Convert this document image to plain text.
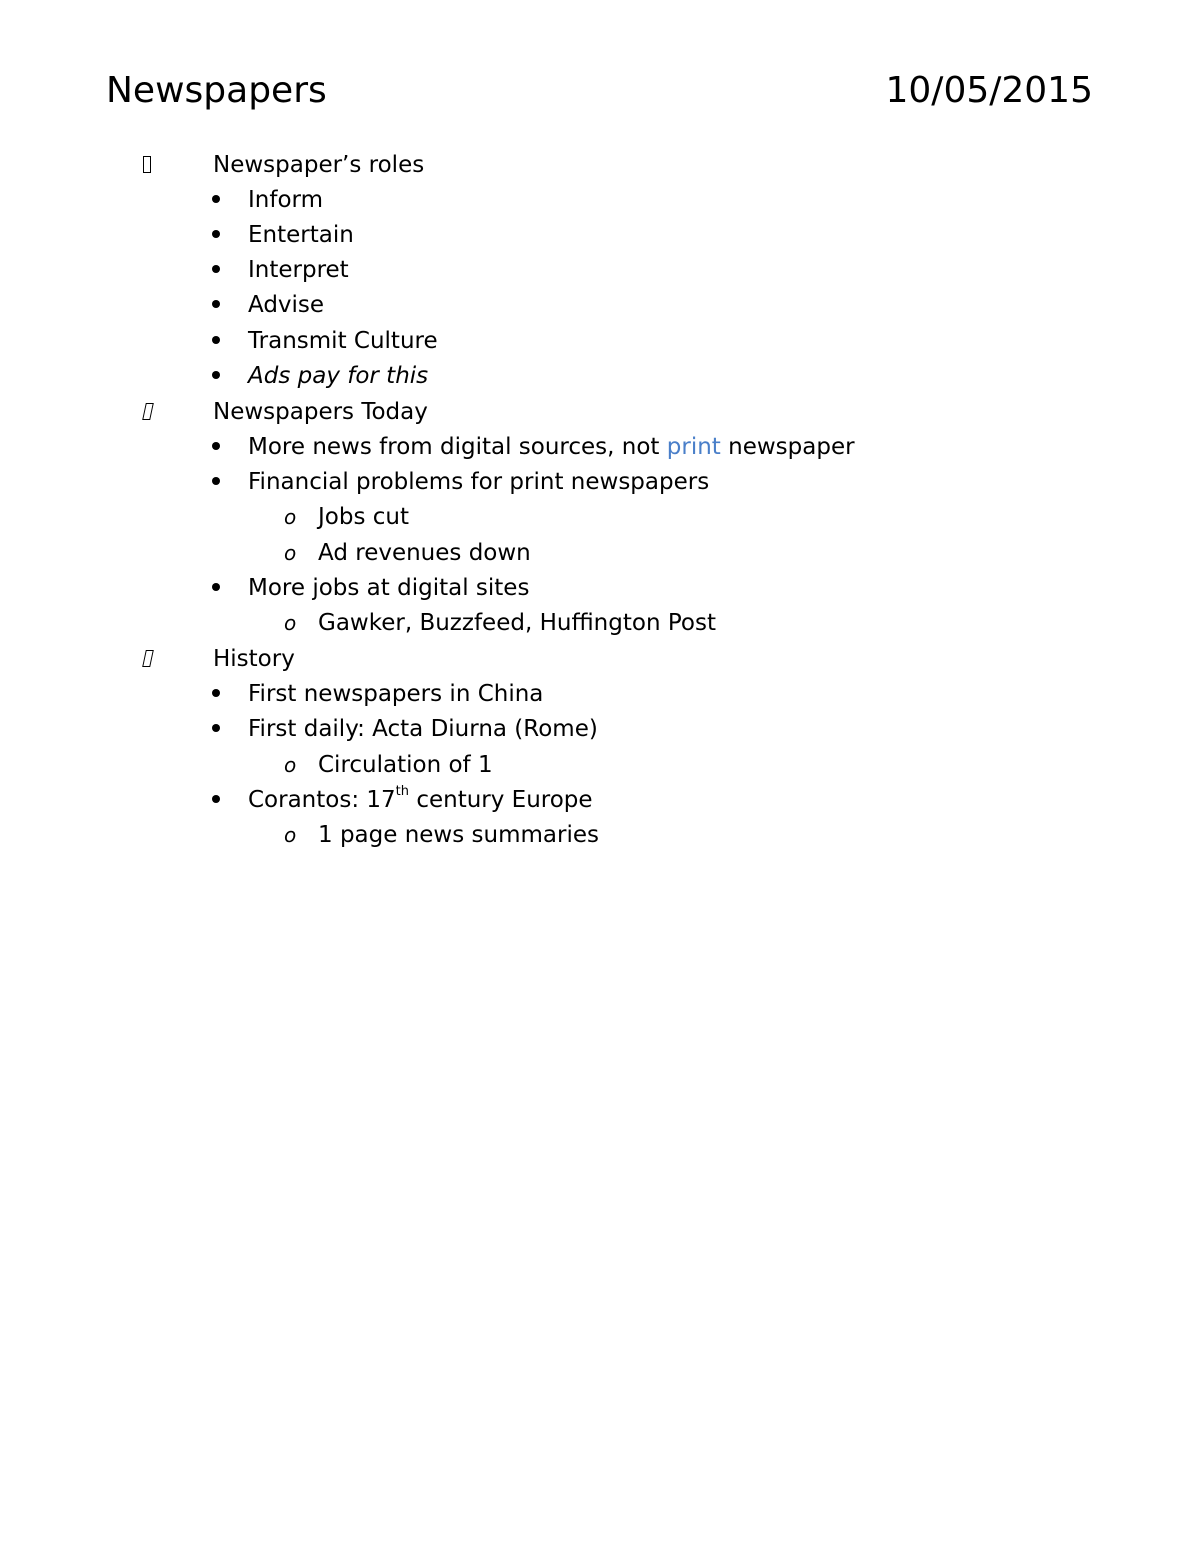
Newspapers	10/05/2015
Newspaper’s roles
Inform
Entertain
Interpret
Advise
Transmit Culture
Ads pay for this
Newspapers Today
More news from digital sources, not print newspaper
Financial problems for print newspapers
o Jobs cut
o Ad revenues down
More jobs at digital sites
o Gawker, Buzzfeed, Huffington Post
History
First newspapers in China
First daily: Acta Diurna (Rome)
o Circulation of 1
Corantos: 17th century Europe
o 1 page news summaries
